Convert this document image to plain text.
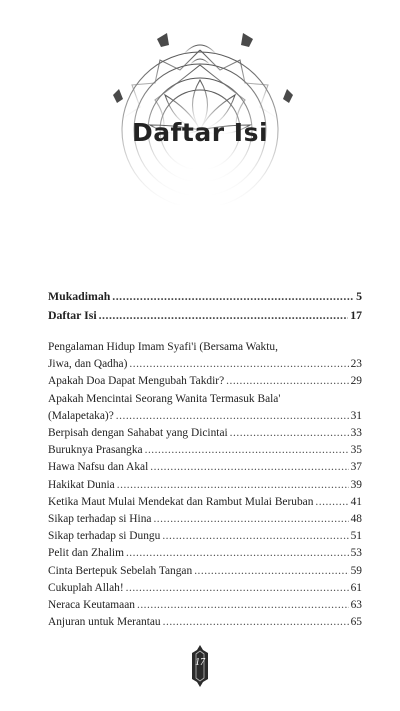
Daftar Isi
Mukadimah .....	5
Daftar Isi .....	17
Pengalaman Hidup Imam Syafi'i (Bersama Waktu,
Jiwa, dan Qadha) .....	23
Apakah Doa Dapat Mengubah Takdir? .....	29
Apakah Mencintai Seorang Wanita Termasuk Bala'
(Malapetaka)? .....	31
Berpisah dengan Sahabat yang Dicintai .....	33
Buruknya Prasangka .....	35
Hawa Nafsu dan Akal .....	37
Hakikat Dunia .....	39
Ketika Maut Mulai Mendekat dan Rambut Mulai Beruban .....	41
Sikap terhadap si Hina .....	48
Sikap terhadap si Dungu .....	51
Pelit dan Zhalim .....	53
Cinta Bertepuk Sebelah Tangan .....	59
Cukuplah Allah! .....	61
Neraca Keutamaan .....	63
Anjuran untuk Merantau .....	65
17
